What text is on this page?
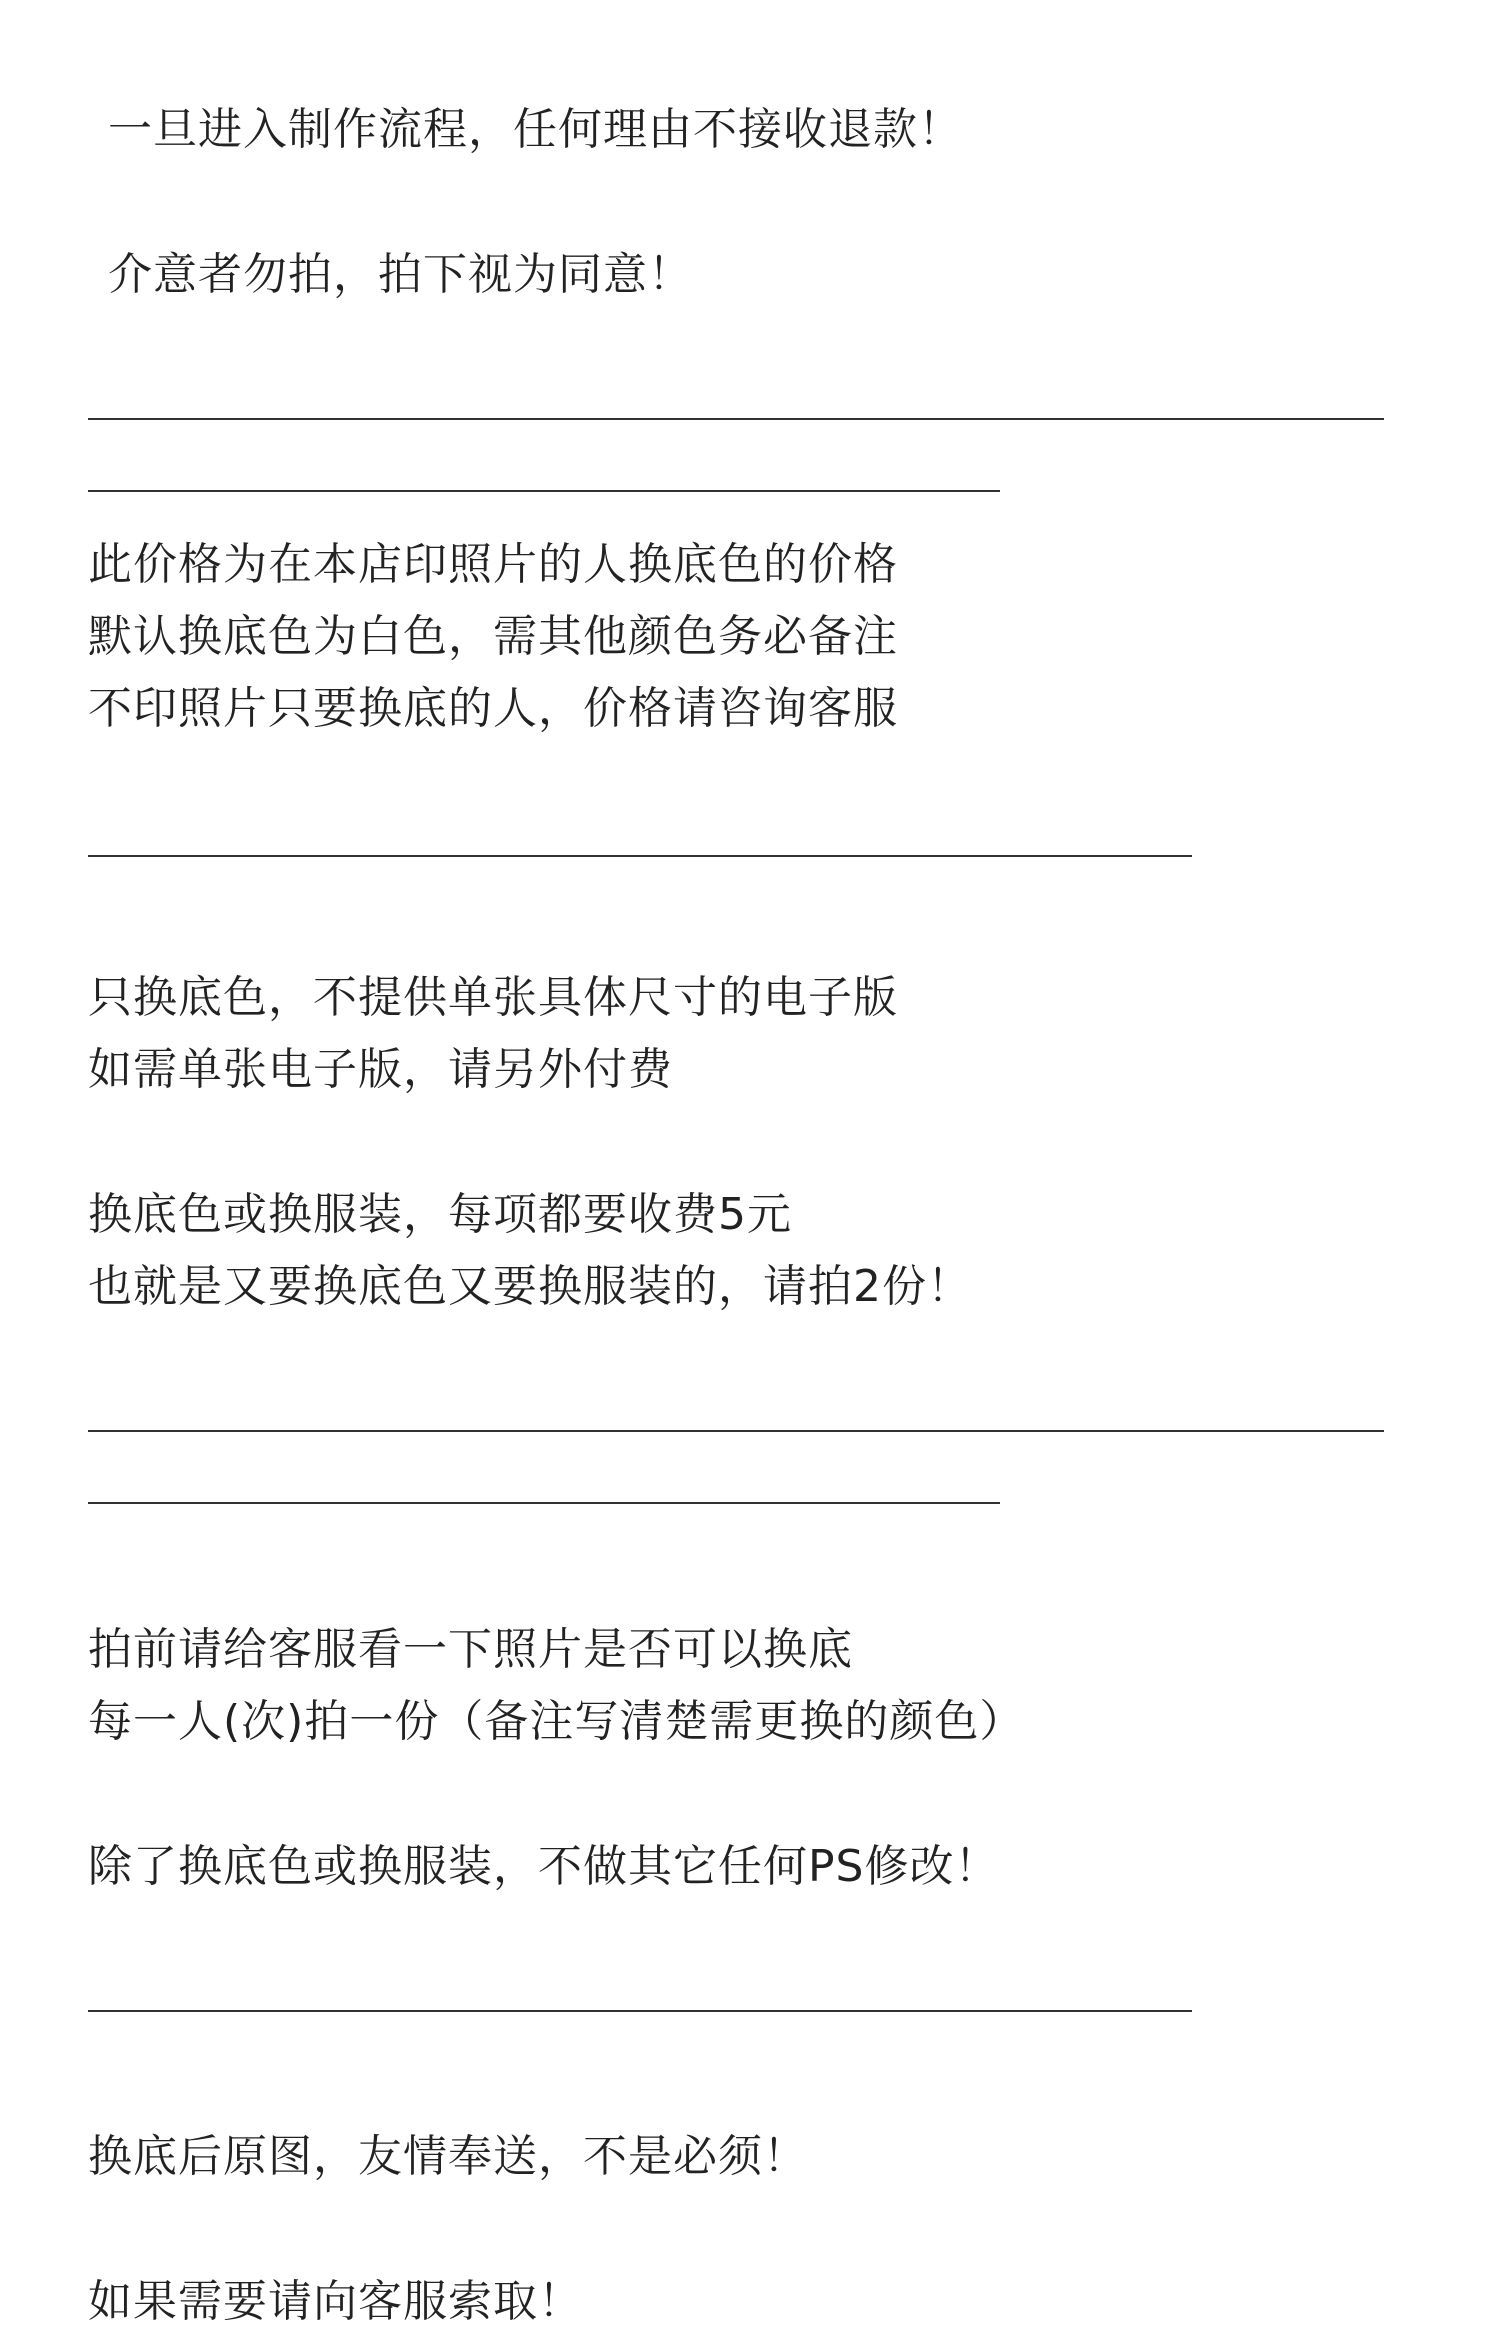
一旦进入制作流程，任何理由不接收退款！
介意者勿拍，拍下视为同意！
此价格为在本店印照片的人换底色的价格
默认换底色为白色，需其他颜色务必备注
不印照片只要换底的人，价格请咨询客服
只换底色，不提供单张具体尺寸的电子版
如需单张电子版，请另外付费
换底色或换服装，每项都要收费5元
也就是又要换底色又要换服装的，请拍2份！
拍前请给客服看一下照片是否可以换底
每一人(次)拍一份（备注写清楚需更换的颜色）
除了换底色或换服装，不做其它任何PS修改！
换底后原图，友情奉送，不是必须！
如果需要请向客服索取！
